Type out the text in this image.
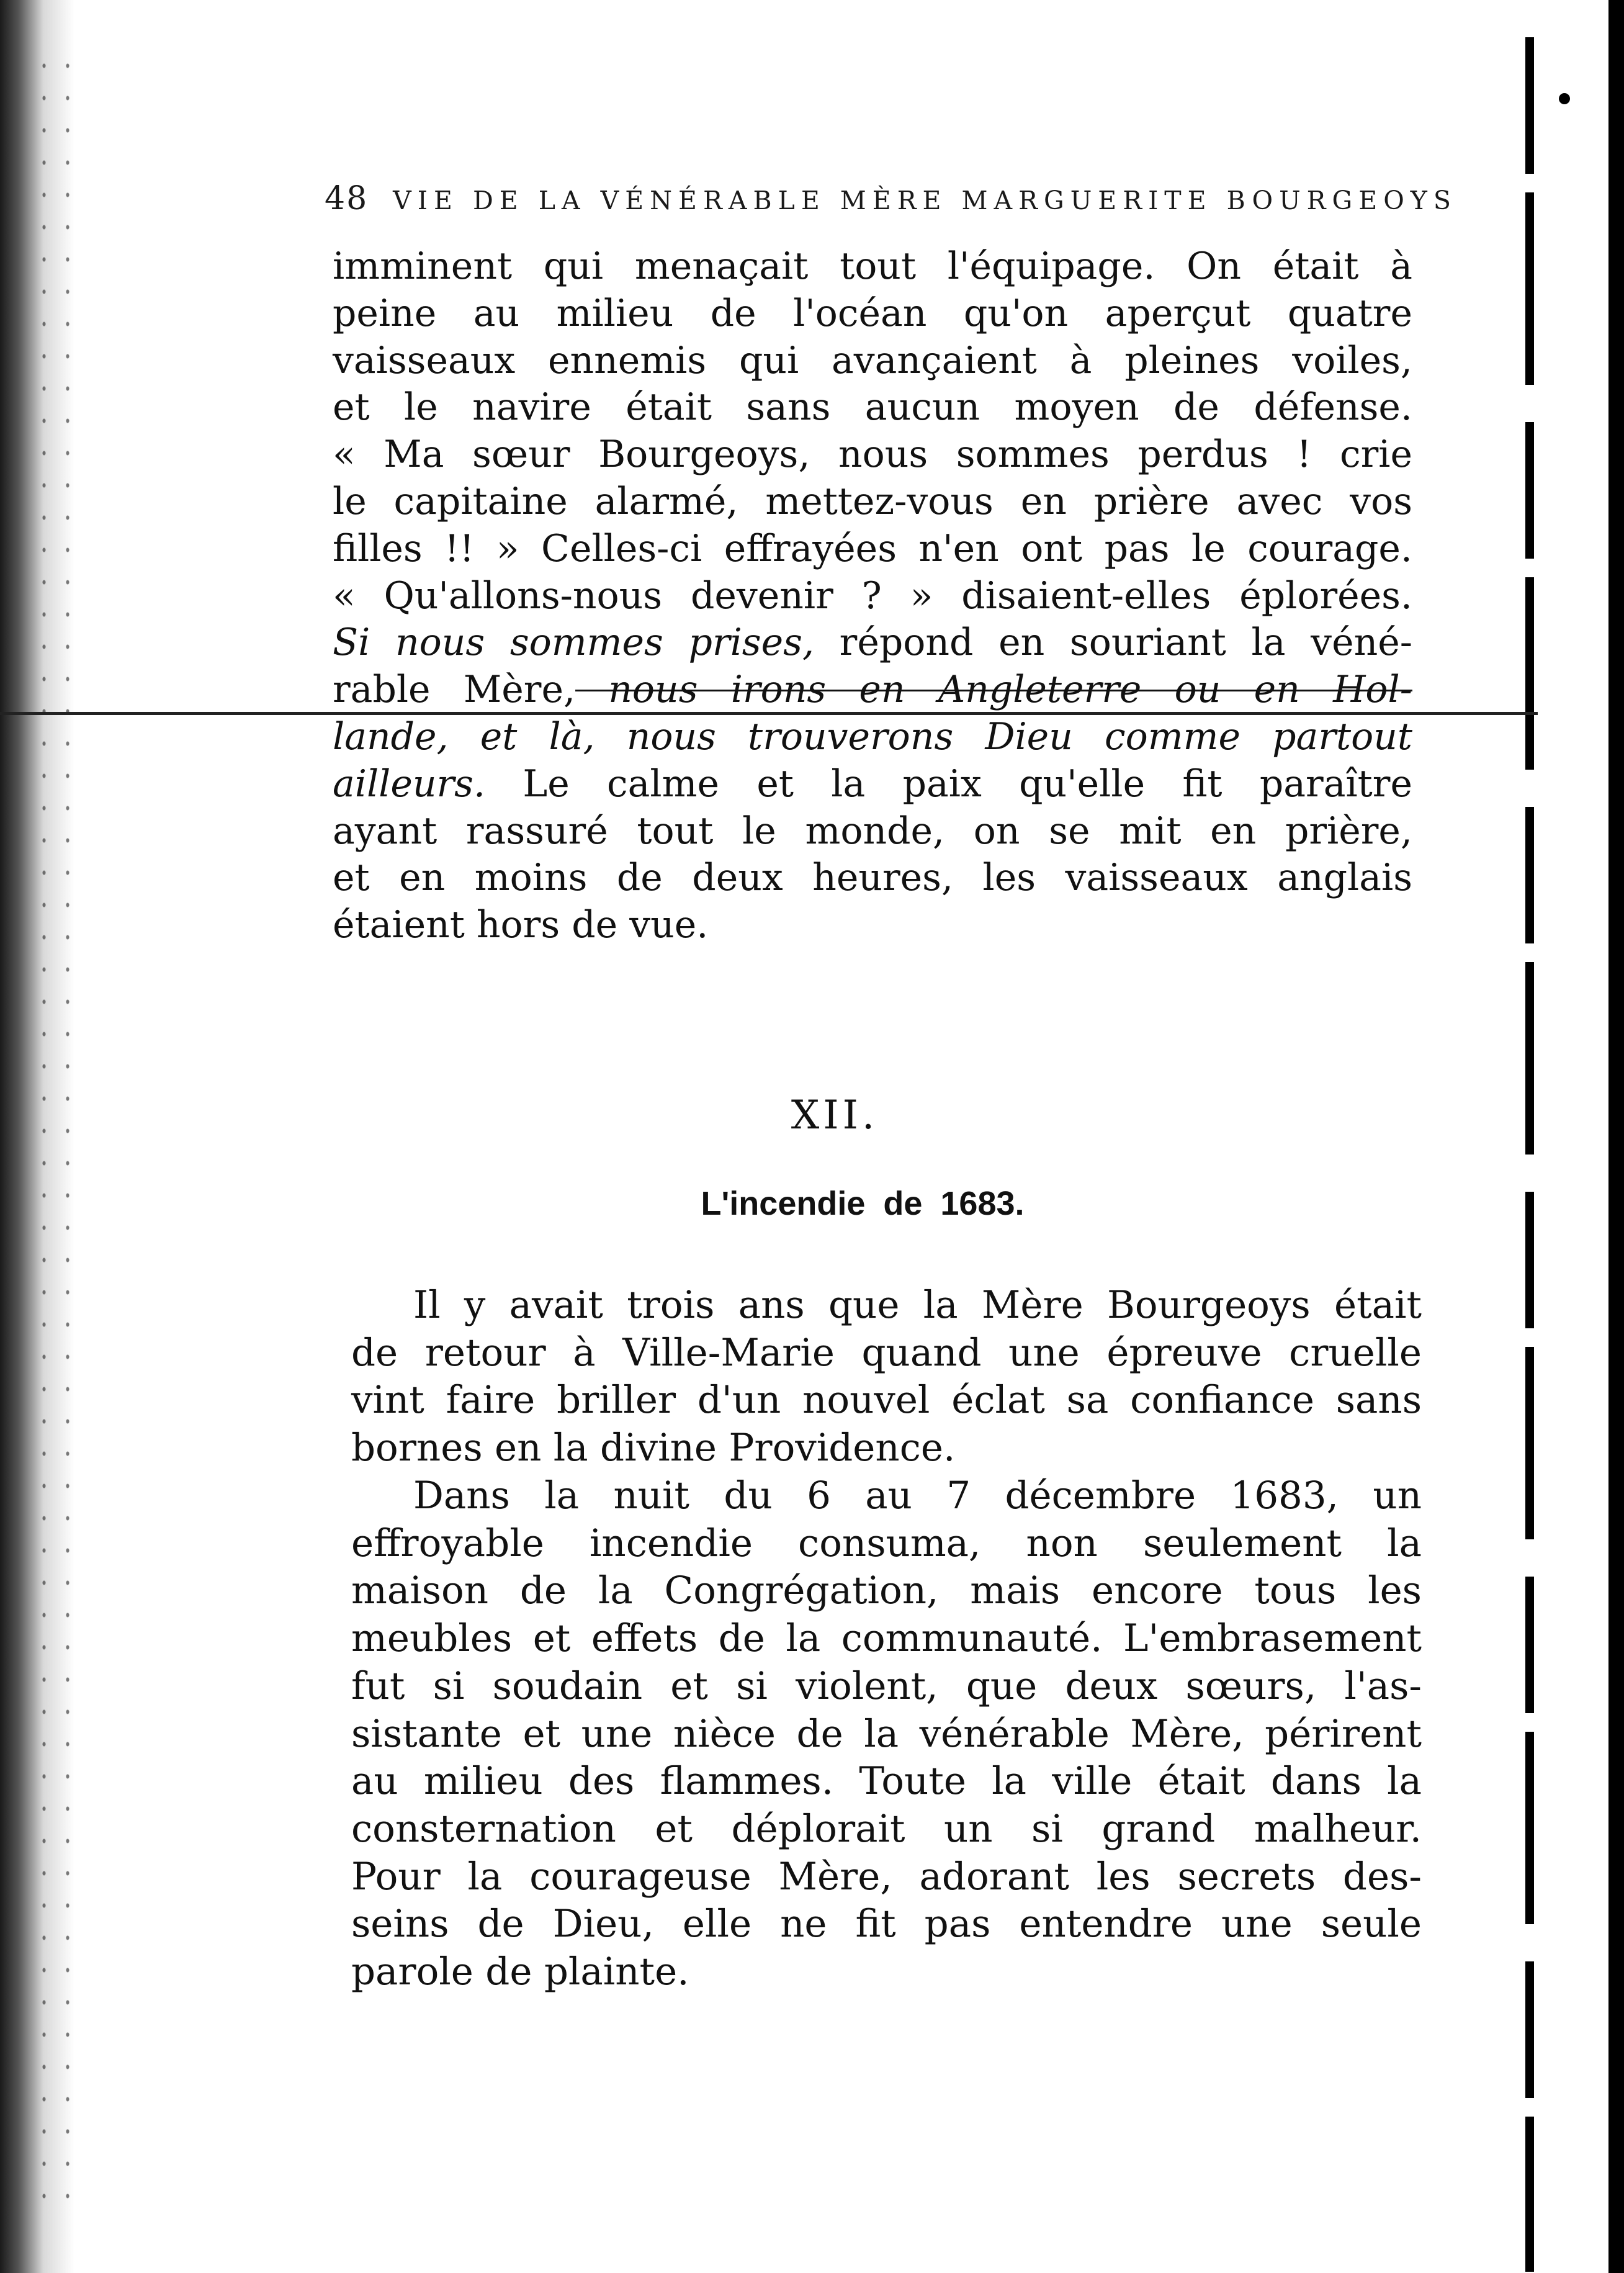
48 VIE DE LA VÉNÉRABLE MÈRE MARGUERITE BOURGEOYS
imminent qui menaçait tout l'équipage. On était à
peine au milieu de l'océan qu'on aperçut quatre
vaisseaux ennemis qui avançaient à pleines voiles,
et le navire était sans aucun moyen de défense.
« Ma sœur Bourgeoys, nous sommes perdus ! crie
le capitaine alarmé, mettez-vous en prière avec vos
filles !! » Celles-ci effrayées n'en ont pas le courage.
« Qu'allons-nous devenir ? » disaient-elles éplorées.
Si nous sommes prises, répond en souriant la véné-
rable Mère, nous irons en Angleterre ou en Hol-
lande, et là, nous trouverons Dieu comme partout
ailleurs. Le calme et la paix qu'elle fit paraître
ayant rassuré tout le monde, on se mit en prière,
et en moins de deux heures, les vaisseaux anglais
étaient hors de vue.
XII.
L'incendie de 1683.
Il y avait trois ans que la Mère Bourgeoys était
de retour à Ville-Marie quand une épreuve cruelle
vint faire briller d'un nouvel éclat sa confiance sans
bornes en la divine Providence.
Dans la nuit du 6 au 7 décembre 1683, un
effroyable incendie consuma, non seulement la
maison de la Congrégation, mais encore tous les
meubles et effets de la communauté. L'embrasement
fut si soudain et si violent, que deux sœurs, l'as-
sistante et une nièce de la vénérable Mère, périrent
au milieu des flammes. Toute la ville était dans la
consternation et déplorait un si grand malheur.
Pour la courageuse Mère, adorant les secrets des-
seins de Dieu, elle ne fit pas entendre une seule
parole de plainte.
